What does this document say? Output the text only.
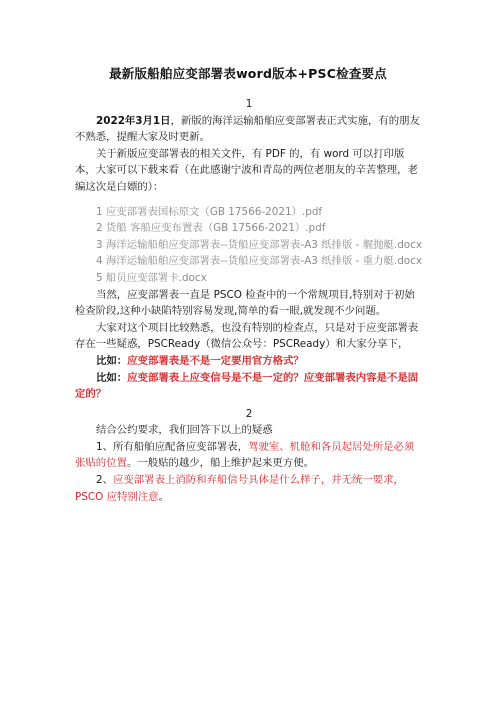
最新版船舶应变部署表word版本+PSC检查要点

1

2022年3月1日，新版的海洋运输船舶应变部署表正式实施，有的朋友不熟悉，提醒大家及时更新。

关于新版应变部署表的相关文件，有 PDF 的，有 word 可以打印版本，大家可以下载来看（在此感谢宁波和青岛的两位老朋友的辛苦整理，老编这次是白嫖的）：

1 应变部署表国标原文（GB 17566-2021）.pdf

2 货船 客船应变布置表（GB 17566-2021）.pdf

3 海洋运输船舶应变部署表--货船应变部署表-A3 纸排版 - 艉抛艇.docx

4 海洋运输船舶应变部署表--货船应变部署表-A3 纸排版 - 重力艇.docx

5 船员应变部署卡.docx

当然，应变部署表一直是 PSCO 检查中的一个常规项目,特别对于初始检查阶段,这种小缺陷特别容易发现,简单的看一眼,就发现不少问题。

大家对这个项目比较熟悉，也没有特别的检查点，只是对于应变部署表存在一些疑惑，PSCReady（微信公众号：PSCReady）和大家分享下，

比如：应变部署表是不是一定要用官方格式？

比如：应变部署表上应变信号是不是一定的？应变部署表内容是不是固定的？

2

结合公约要求，我们回答下以上的疑惑

1、所有船舶应配备应变部署表，驾驶室、机舱和各员起居处所是必须张贴的位置。一般贴的越少，船上维护起来更方便。

2、应变部署表上消防和弃船信号具体是什么样子，并无统一要求，PSCO 应特别注意。
